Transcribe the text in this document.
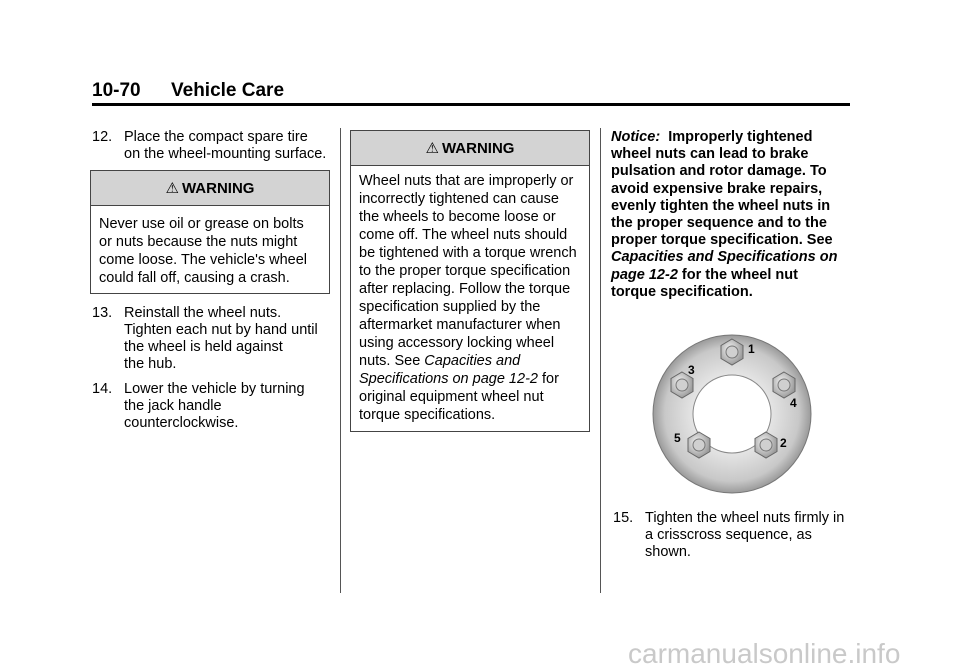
10-70 Vehicle Care
12. Place the compact spare tire
on the wheel-mounting surface.
⚠ WARNING
Never use oil or grease on bolts
or nuts because the nuts might
come loose. The vehicle's wheel
could fall off, causing a crash.
13. Reinstall the wheel nuts.
Tighten each nut by hand until
the wheel is held against
the hub.
14. Lower the vehicle by turning
the jack handle
counterclockwise.
⚠ WARNING
Wheel nuts that are improperly or
incorrectly tightened can cause
the wheels to become loose or
come off. The wheel nuts should
be tightened with a torque wrench
to the proper torque specification
after replacing. Follow the torque
specification supplied by the
aftermarket manufacturer when
using accessory locking wheel
nuts. See Capacities and
Specifications on page 12-2 for
original equipment wheel nut
torque specifications.
Notice: Improperly tightened
wheel nuts can lead to brake
pulsation and rotor damage. To
avoid expensive brake repairs,
evenly tighten the wheel nuts in
the proper sequence and to the
proper torque specification. See
Capacities and Specifications on
page 12-2 for the wheel nut
torque specification.
1
2
3
4
5
15. Tighten the wheel nuts firmly in
a crisscross sequence, as
shown.
carmanualsonline.info
